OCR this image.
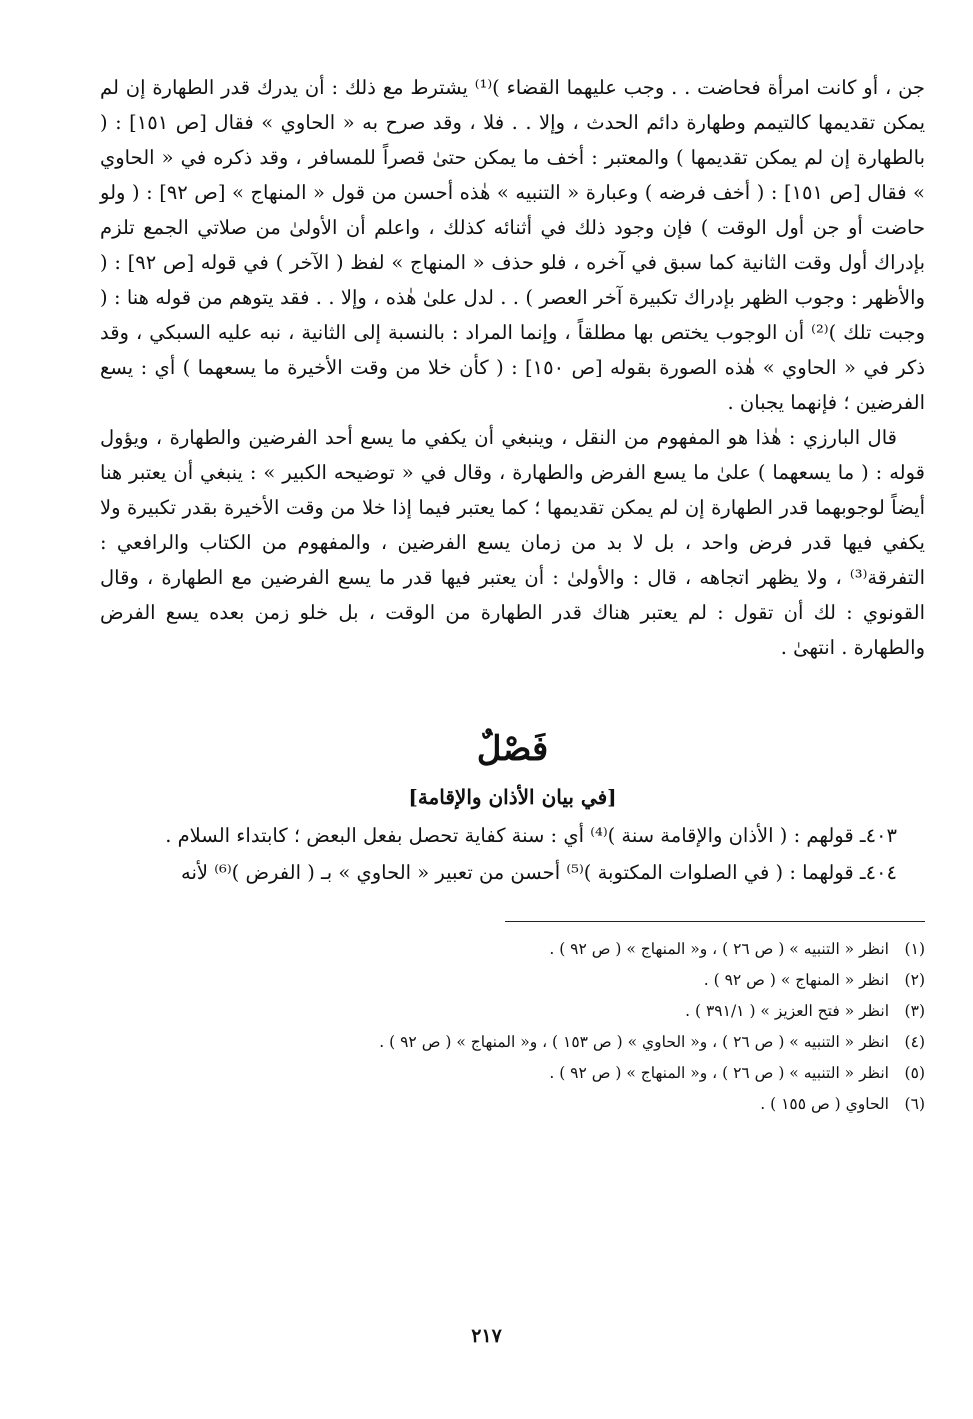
جن ، أو كانت امرأة فحاضت . . وجب عليهما القضاء )⁽¹⁾ يشترط مع ذلك : أن يدرك قدر الطهارة إن لم يمكن تقديمها كالتيمم وطهارة دائم الحدث ، وإلا . . فلا ، وقد صرح به « الحاوي » فقال [ص ١٥١] : ( بالطهارة إن لم يمكن تقديمها ) والمعتبر : أخف ما يمكن حتىٰ قصراً للمسافر ، وقد ذكره في « الحاوي » فقال [ص ١٥١] : ( أخف فرضه ) وعبارة « التنبيه » هٰذه أحسن من قول « المنهاج » [ص ٩٢] : ( ولو حاضت أو جن أول الوقت ) فإن وجود ذلك في أثنائه كذلك ، واعلم أن الأولىٰ من صلاتي الجمع تلزم بإدراك أول وقت الثانية كما سبق في آخره ، فلو حذف « المنهاج » لفظ ( الآخر ) في قوله [ص ٩٢] : ( والأظهر : وجوب الظهر بإدراك تكبيرة آخر العصر ) . . لدل علىٰ هٰذه ، وإلا . . فقد يتوهم من قوله هنا : ( وجبت تلك )⁽²⁾ أن الوجوب يختص بها مطلقاً ، وإنما المراد : بالنسبة إلى الثانية ، نبه عليه السبكي ، وقد ذكر في « الحاوي » هٰذه الصورة بقوله [ص ١٥٠] : ( كأن خلا من وقت الأخيرة ما يسعهما ) أي : يسع الفرضين ؛ فإنهما يجبان .

قال البارزي : هٰذا هو المفهوم من النقل ، وينبغي أن يكفي ما يسع أحد الفرضين والطهارة ، ويؤول قوله : ( ما يسعهما ) علىٰ ما يسع الفرض والطهارة ، وقال في « توضيحه الكبير » : ينبغي أن يعتبر هنا أيضاً لوجوبهما قدر الطهارة إن لم يمكن تقديمها ؛ كما يعتبر فيما إذا خلا من وقت الأخيرة بقدر تكبيرة ولا يكفي فيها قدر فرض واحد ، بل لا بد من زمان يسع الفرضين ، والمفهوم من الكتاب والرافعي : التفرقة⁽³⁾ ، ولا يظهر اتجاهه ، قال : والأولىٰ : أن يعتبر فيها قدر ما يسع الفرضين مع الطهارة ، وقال القونوي : لك أن تقول : لم يعتبر هناك قدر الطهارة من الوقت ، بل خلو زمن بعده يسع الفرض والطهارة . انتهىٰ .

فَصْلٌ
[في بيان الأذان والإقامة]

٤٠٣ـ قولهم : ( الأذان والإقامة سنة )⁽⁴⁾ أي : سنة كفاية تحصل بفعل البعض ؛ كابتداء السلام .

٤٠٤ـ قولهما : ( في الصلوات المكتوبة )⁽⁵⁾ أحسن من تعبير « الحاوي » بـ ( الفرض )⁽⁶⁾ لأنه

(١)انظر « التنبيه » ( ص ٢٦ ) ، و« المنهاج » ( ص ٩٢ ) .
(٢)انظر « المنهاج » ( ص ٩٢ ) .
(٣)انظر « فتح العزيز » ( ٣٩١/١ ) .
(٤)انظر « التنبيه » ( ص ٢٦ ) ، و« الحاوي » ( ص ١٥٣ ) ، و« المنهاج » ( ص ٩٢ ) .
(٥)انظر « التنبيه » ( ص ٢٦ ) ، و« المنهاج » ( ص ٩٢ ) .
(٦)الحاوي ( ص ١٥٥ ) .
٢١٧
